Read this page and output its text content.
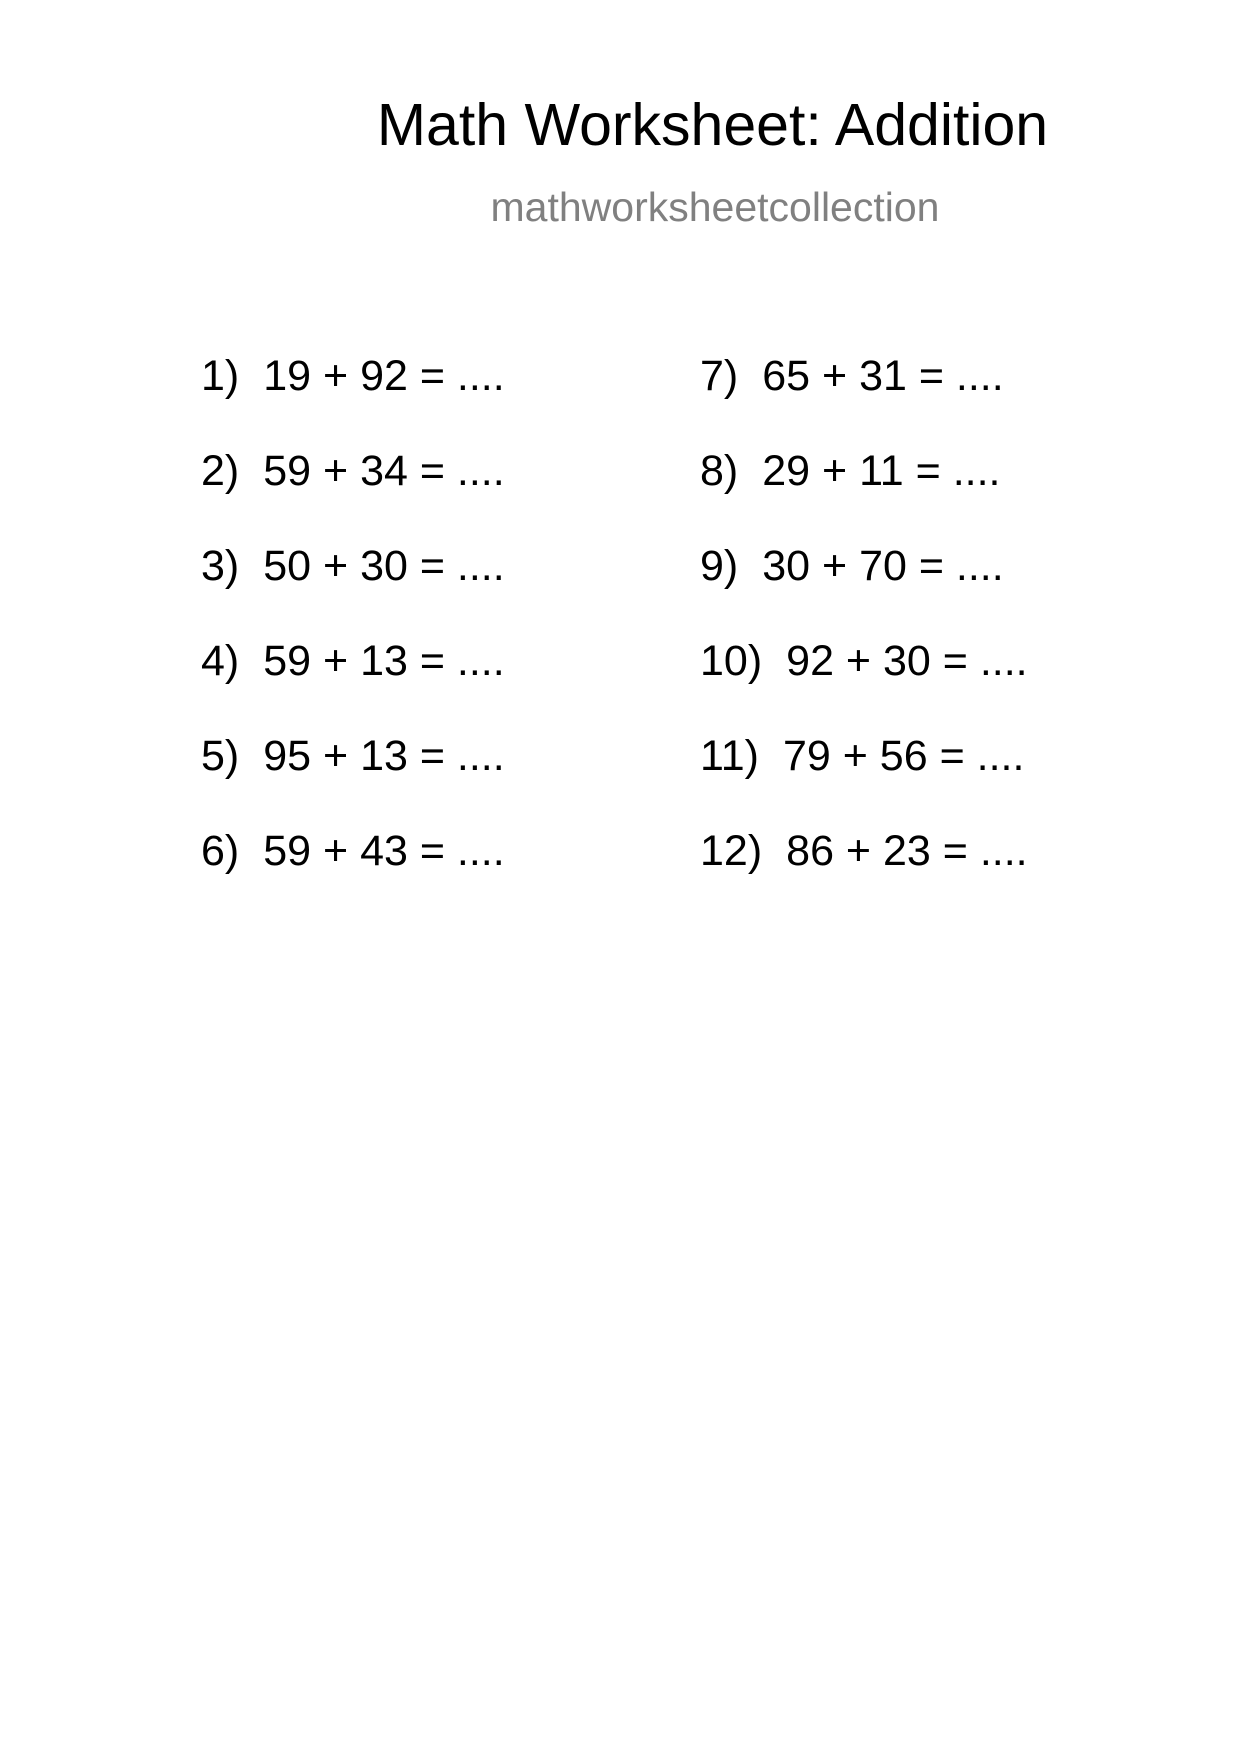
Math Worksheet: Addition
mathworksheetcollection
1) 19 + 92 = ....
2) 59 + 34 = ....
3) 50 + 30 = ....
4) 59 + 13 = ....
5) 95 + 13 = ....
6) 59 + 43 = ....
7) 65 + 31 = ....
8) 29 + 11 = ....
9) 30 + 70 = ....
10) 92 + 30 = ....
11) 79 + 56 = ....
12) 86 + 23 = ....
